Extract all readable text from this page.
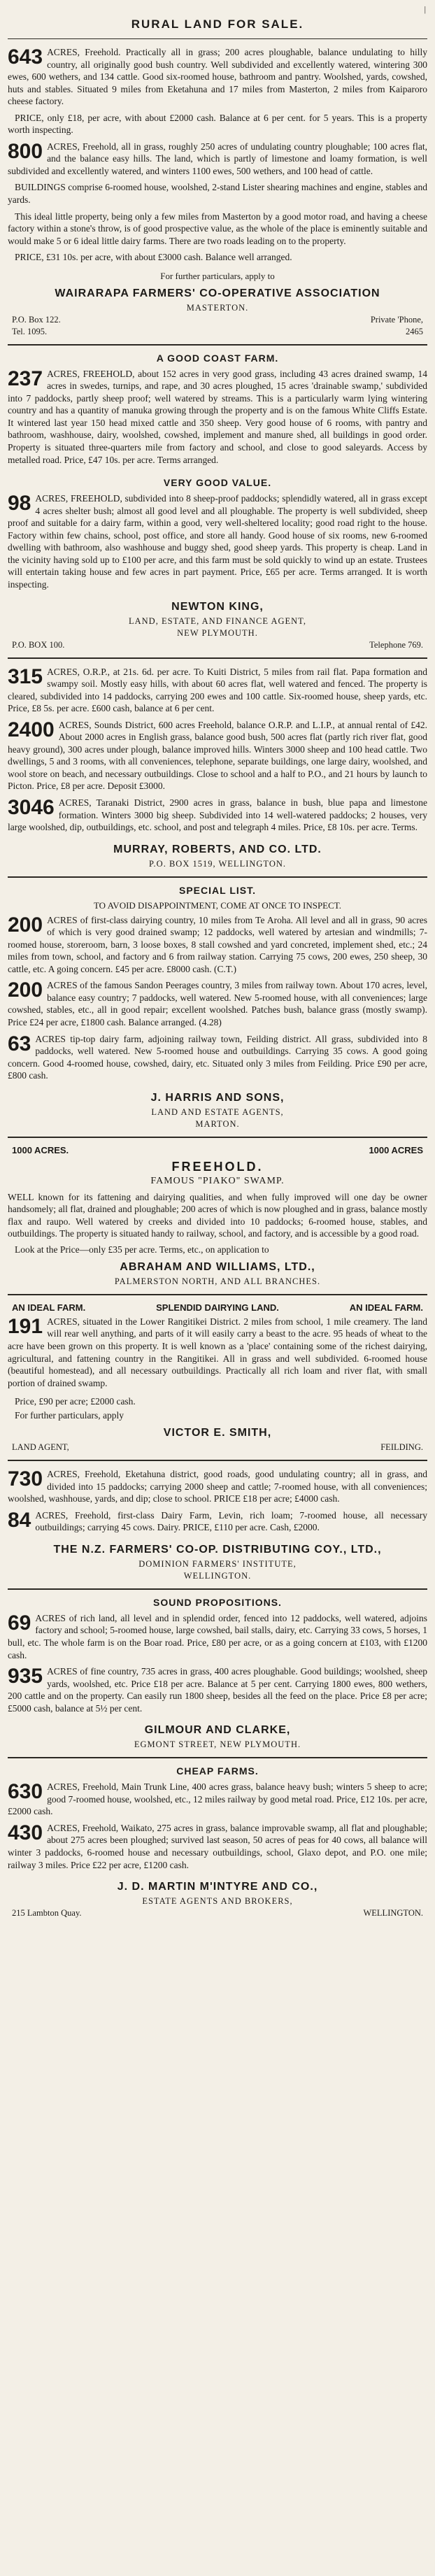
|
RURAL LAND FOR SALE.
643 ACRES, Freehold. Practically all in grass; 200 acres ploughable, balance undulating to hilly country, all originally good bush country. Well subdivided and excellently watered, wintering 300 ewes, 600 wethers, and 134 cattle. Good six-roomed house, bathroom and pantry. Woolshed, yards, cowshed, huts and stables. Situated 9 miles from Eketahuna and 17 miles from Masterton, 2 miles from Kaiparoro cheese factory.

PRICE, only £18, per acre, with about £2000 cash. Balance at 6 per cent. for 5 years. This is a property worth inspecting.

800 ACRES, Freehold, all in grass, roughly 250 acres of undulating country ploughable; 100 acres flat, and the balance easy hills. The land, which is partly of limestone and loamy formation, is well subdivided and excellently watered, and winters 1100 ewes, 500 wethers, and 100 head of cattle.

BUILDINGS comprise 6-roomed house, woolshed, 2-stand Lister shearing machines and engine, stables and yards.

This ideal little property, being only a few miles from Masterton by a good motor road, and having a cheese factory within a stone's throw, is of good prospective value, as the whole of the place is eminently suitable and would make 5 or 6 ideal little dairy farms. There are two roads leading on to the property.

PRICE, £31 10s. per acre, with about £3000 cash. Balance well arranged.

For further particulars, apply to
WAIRARAPA FARMERS' CO-OPERATIVE ASSOCIATION
MASTERTON.
P.O. Box 122.	Private 'Phone,
Tel. 1095.	2465
A GOOD COAST FARM.
237 ACRES, FREEHOLD, about 152 acres in very good grass, including 43 acres drained swamp, 14 acres in swedes, turnips, and rape, and 30 acres ploughed, 15 acres 'drainable swamp,' subdivided into 7 paddocks, partly sheep proof; well watered by streams. This is a particularly warm lying wintering country and has a quantity of manuka growing through the property and is on the famous White Cliffs Estate. It wintered last year 150 head mixed cattle and 350 sheep. Very good house of 6 rooms, with pantry and bathroom, washhouse, dairy, woolshed, cowshed, implement and manure shed, all buildings in good order. Property is situated three-quarters mile from factory and school, and close to good saleyards. Access by metalled road. Price, £47 10s. per acre. Terms arranged.

VERY GOOD VALUE.
98 ACRES, FREEHOLD, subdivided into 8 sheep-proof paddocks; splendidly watered, all in grass except 4 acres shelter bush; almost all good level and all ploughable. The property is well subdivided, sheep proof and suitable for a dairy farm, within a good, very well-sheltered locality; good road right to the house. Factory within few chains, school, post office, and store all handy. Good house of six rooms, new 6-roomed dwelling with bathroom, also washhouse and buggy shed, good sheep yards. This property is cheap. Land in the vicinity having sold up to £100 per acre, and this farm must be sold quickly to wind up an estate. Trustees will entertain taking house and few acres in part payment. Price, £65 per acre. Terms arranged. It is worth inspecting.

NEWTON KING,
LAND, ESTATE, AND FINANCE AGENT,
NEW PLYMOUTH.
P.O. BOX 100.	Telephone 769.
315 ACRES, O.R.P., at 21s. 6d. per acre. To Kuiti District, 5 miles from rail flat. Papa formation and swampy soil. Mostly easy hills, with about 60 acres flat, well watered and fenced. The property is cleared, subdivided into 14 paddocks, carrying 200 ewes and 100 cattle. Six-roomed house, sheep yards, etc. Price, £8 5s. per acre. £600 cash, balance at 6 per cent.

2400 ACRES, Sounds District, 600 acres Freehold, balance O.R.P. and L.I.P., at annual rental of £42. About 2000 acres in English grass, balance good bush, 500 acres flat (partly rich river flat, good heavy ground), 300 acres under plough, balance improved hills. Winters 3000 sheep and 100 head cattle. Two dwellings, 5 and 3 rooms, with all conveniences, telephone, separate buildings, one large dairy, woolshed, and wool store on beach, and necessary outbuildings. Close to school and a half to P.O., and 21 hours by launch to Picton. Price, £8 per acre. Deposit £3000.

3046 ACRES, Taranaki District, 2900 acres in grass, balance in bush, blue papa and limestone formation. Winters 3000 big sheep. Subdivided into 14 well-watered paddocks; 2 houses, very large woolshed, dip, outbuildings, etc. school, and post and telegraph 4 miles. Price, £8 10s. per acre. Terms.

MURRAY, ROBERTS, AND CO. LTD.
P.O. BOX 1519, WELLINGTON.
SPECIAL LIST.
TO AVOID DISAPPOINTMENT, COME AT ONCE TO INSPECT.
200 ACRES of first-class dairying country, 10 miles from Te Aroha. All level and all in grass, 90 acres of which is very good drained swamp; 12 paddocks, well watered by artesian and windmills; 7-roomed house, storeroom, barn, 3 loose boxes, 8 stall cowshed and yard concreted, implement shed, etc.; 24 miles from town, school, and factory and 6 from railway station. Carrying 75 cows, 200 ewes, 250 sheep, 30 cattle, etc. A going concern. £45 per acre. £8000 cash. (C.T.)

200 ACRES of the famous Sandon Peerages country, 3 miles from railway town. About 170 acres, level, balance easy country; 7 paddocks, well watered. New 5-roomed house, with all conveniences; large cowshed, stables, etc., all in good repair; excellent woolshed. Patches bush, balance grass (mostly swamp). Price £24 per acre, £1800 cash. Balance arranged. (4.28)

63 ACRES tip-top dairy farm, adjoining railway town, Feilding district. All grass, subdivided into 8 paddocks, well watered. New 5-roomed house and outbuildings. Carrying 35 cows. A good going concern. Good 4-roomed house, cowshed, dairy, etc. Situated only 3 miles from Feilding. Price £90 per acre, £800 cash.

J. HARRIS AND SONS,
LAND AND ESTATE AGENTS,
MARTON.
1000 ACRES.	1000 ACRES
FREEHOLD.
FAMOUS "PIAKO" SWAMP.

WELL known for its fattening and dairying qualities, and when fully improved will one day be owner handsomely; all flat, drained and ploughable; 200 acres of which is now ploughed and in grass, balance mostly flax and raupo. Well watered by creeks and divided into 10 paddocks; 6-roomed house, stables, and outbuildings. The property is situated handy to railway, school, and factory, and is accessible by a good road.

Look at the Price—only £35 per acre. Terms, etc., on application to
ABRAHAM AND WILLIAMS, LTD.,
PALMERSTON NORTH, AND ALL BRANCHES.
AN IDEAL FARM.	SPLENDID DAIRYING LAND.	AN IDEAL FARM.
191 ACRES, situated in the Lower Rangitikei District. 2 miles from school, 1 mile creamery. The land will rear well anything, and parts of it will easily carry a beast to the acre. 95 heads of wheat to the acre have been grown on this property. It is well known as a 'place' containing some of the richest dairying, agricultural, and fattening country in the Rangitikei. All in grass and well subdivided. 6-roomed house (beautiful homestead), and all necessary outbuildings. Practically all rich loam and river flat, with small portion of drained swamp.

Price, £90 per acre; £2000 cash.
For further particulars, apply
VICTOR E. SMITH,
LAND AGENT,	FEILDING.
730 ACRES, Freehold, Eketahuna district, good roads, good undulating country; all in grass, and divided into 15 paddocks; carrying 2000 sheep and cattle; 7-roomed house, with all conveniences; woolshed, washhouse, yards, and dip; close to school. PRICE £18 per acre; £4000 cash.

84 ACRES, Freehold, first-class Dairy Farm, Levin, rich loam; 7-roomed house, all necessary outbuildings; carrying 45 cows. Dairy. PRICE, £110 per acre. Cash, £2000.

THE N.Z. FARMERS' CO-OP. DISTRIBUTING COY., LTD.,
DOMINION FARMERS' INSTITUTE,
WELLINGTON.
SOUND PROPOSITIONS.
69 ACRES of rich land, all level and in splendid order, fenced into 12 paddocks, well watered, adjoins factory and school; 5-roomed house, large cowshed, bail stalls, dairy, etc. Carrying 33 cows, 5 horses, 1 bull, etc. The whole farm is on the Boar road. Price, £80 per acre, or as a going concern at £103, with £1200 cash.

935 ACRES of fine country, 735 acres in grass, 400 acres ploughable. Good buildings; woolshed, sheep yards, woolshed, etc. Price £18 per acre. Balance at 5 per cent. Carrying 1800 ewes, 800 wethers, 200 cattle and on the property. Can easily run 1800 sheep, besides all the feed on the place. Price £8 per acre; £5000 cash, balance at 5½ per cent.

GILMOUR AND CLARKE,
EGMONT STREET, NEW PLYMOUTH.
CHEAP FARMS.
630 ACRES, Freehold, Main Trunk Line, 400 acres grass, balance heavy bush; winters 5 sheep to acre; good 7-roomed house, woolshed, etc., 12 miles railway by good metal road. Price, £12 10s. per acre, £2000 cash.

430 ACRES, Freehold, Waikato, 275 acres in grass, balance improvable swamp, all flat and ploughable; about 275 acres been ploughed; survived last season, 50 acres of peas for 40 cows, all balance will winter 3 paddocks, 6-roomed house and necessary outbuildings, school, Glaxo depot, and P.O. one mile; railway 3 miles. Price £22 per acre, £1200 cash.

J. D. MARTIN M'INTYRE AND CO.,
ESTATE AGENTS AND BROKERS,
215 Lambton Quay.	WELLINGTON.
